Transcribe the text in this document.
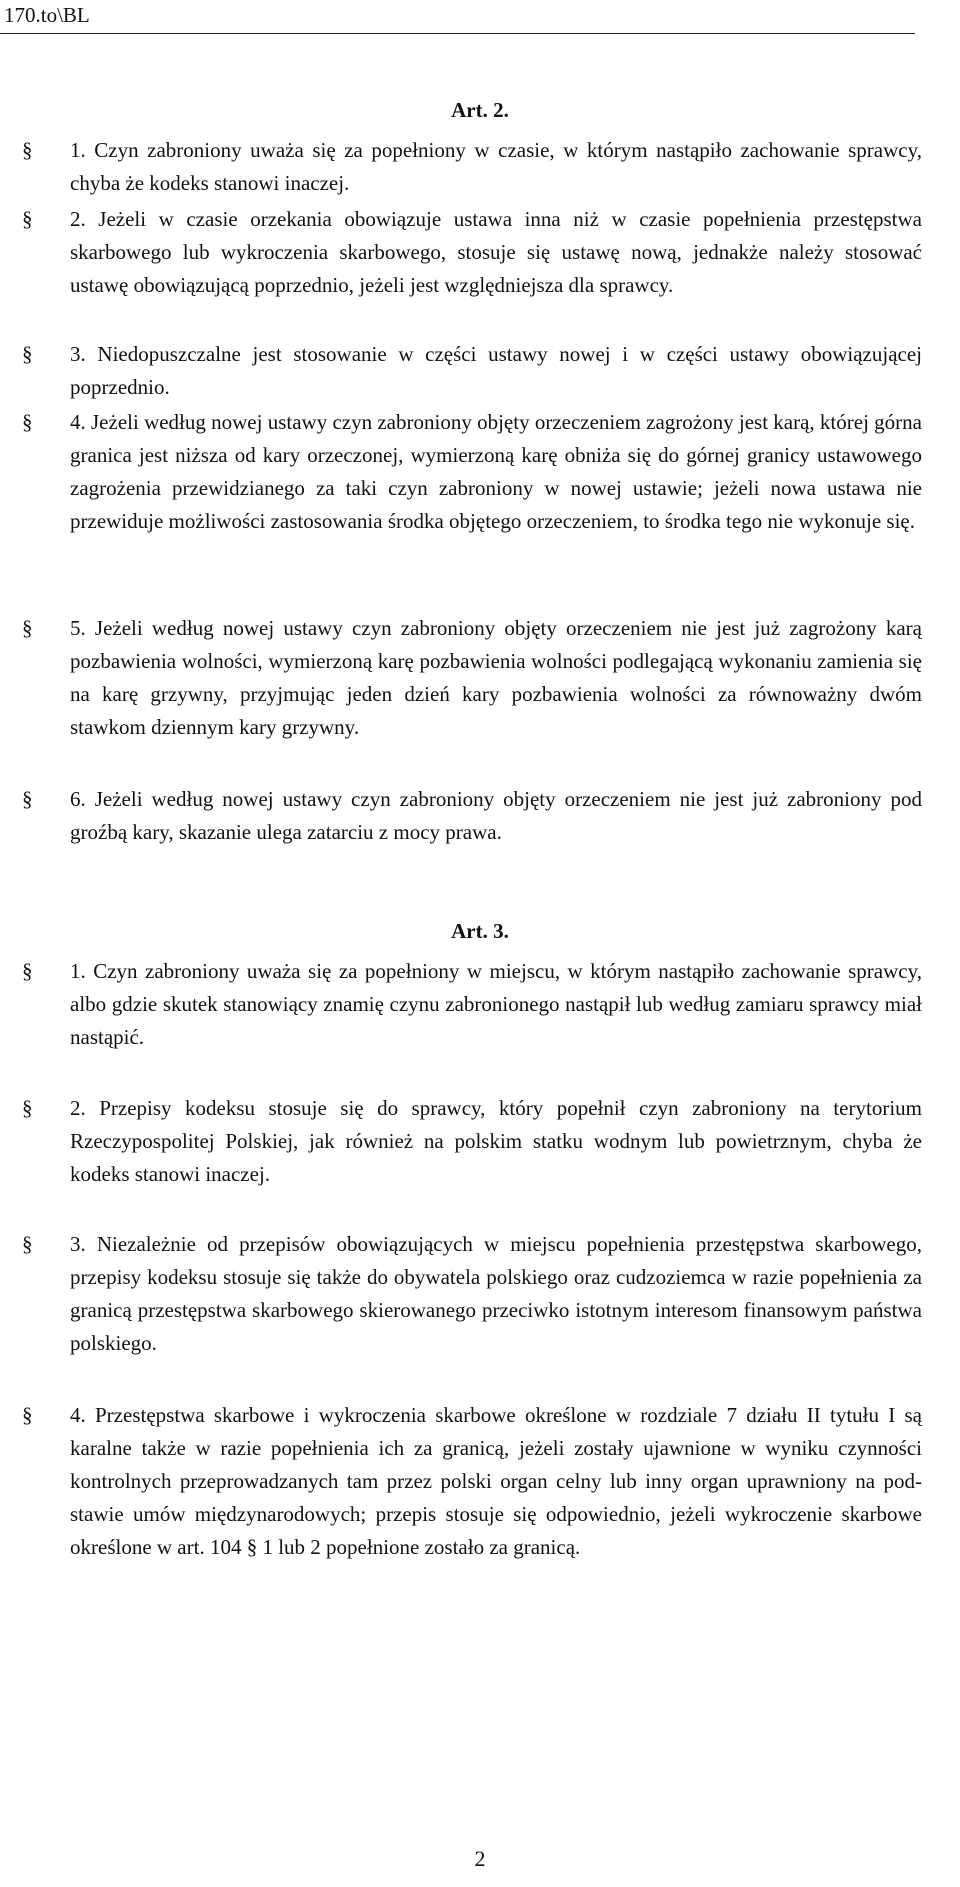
170.to\BL
Art. 2.
§	1. Czyn zabroniony uważa się za popełniony w czasie, w którym nastąpiło zachowanie sprawcy, chyba że kodeks stanowi inaczej.
§	2. Jeżeli w czasie orzekania obowiązuje ustawa inna niż w czasie popełnienia przestępstwa skarbowego lub wykroczenia skarbowego, stosuje się ustawę nową, jednakże należy stosować ustawę obowiązującą poprzednio, jeżeli jest względniejsza dla sprawcy.
§	3. Niedopuszczalne jest stosowanie w części ustawy nowej i w części ustawy obowiązującej poprzednio.
§	4. Jeżeli według nowej ustawy czyn zabroniony objęty orzeczeniem zagrożony jest karą, której górna granica jest niższa od kary orzeczonej, wymierzoną karę obniża się do górnej granicy ustawowego zagrożenia przewidzianego za taki czyn zabroniony w nowej ustawie; jeżeli nowa ustawa nie przewiduje możliwości zastosowania środka objętego orzeczeniem, to środka tego nie wykonuje się.
§	5. Jeżeli według nowej ustawy czyn zabroniony objęty orzeczeniem nie jest już zagrożony karą pozbawienia wolności, wymierzoną karę pozbawienia wolności podlegającą wykonaniu zamienia się na karę grzywny, przyjmując jeden dzień kary pozbawienia wolności za równoważny dwóm stawkom dziennym kary grzywny.
§	6. Jeżeli według nowej ustawy czyn zabroniony objęty orzeczeniem nie jest już zabroniony pod groźbą kary, skazanie ulega zatarciu z mocy prawa.
Art. 3.
§	1. Czyn zabroniony uważa się za popełniony w miejscu, w którym nastąpiło zachowanie sprawcy, albo gdzie skutek stanowiący znamię czynu zabronionego nastąpił lub według zamiaru sprawcy miał nastąpić.
§	2. Przepisy kodeksu stosuje się do sprawcy, który popełnił czyn zabroniony na terytorium Rzeczypospolitej Polskiej, jak również na polskim statku wodnym lub powietrznym, chyba że kodeks stanowi inaczej.
§	3. Niezależnie od przepisów obowiązujących w miejscu popełnienia przestępstwa skarbowego, przepisy kodeksu stosuje się także do obywatela polskiego oraz cudzoziemca w razie popełnienia za granicą przestępstwa skarbowego skierowanego przeciwko istotnym interesom finansowym państwa polskiego.
§	4. Przestępstwa skarbowe i wykroczenia skarbowe określone w rozdziale 7 działu II tytułu I są karalne także w razie popełnienia ich za granicą, jeżeli zostały ujawnione w wyniku czynności kontrolnych przeprowadzanych tam przez polski organ celny lub inny organ uprawniony na podstawie umów międzynarodowych; przepis stosuje się odpowiednio, jeżeli wykroczenie skarbowe określone w art. 104 § 1 lub 2 popełnione zostało za granicą.
2
